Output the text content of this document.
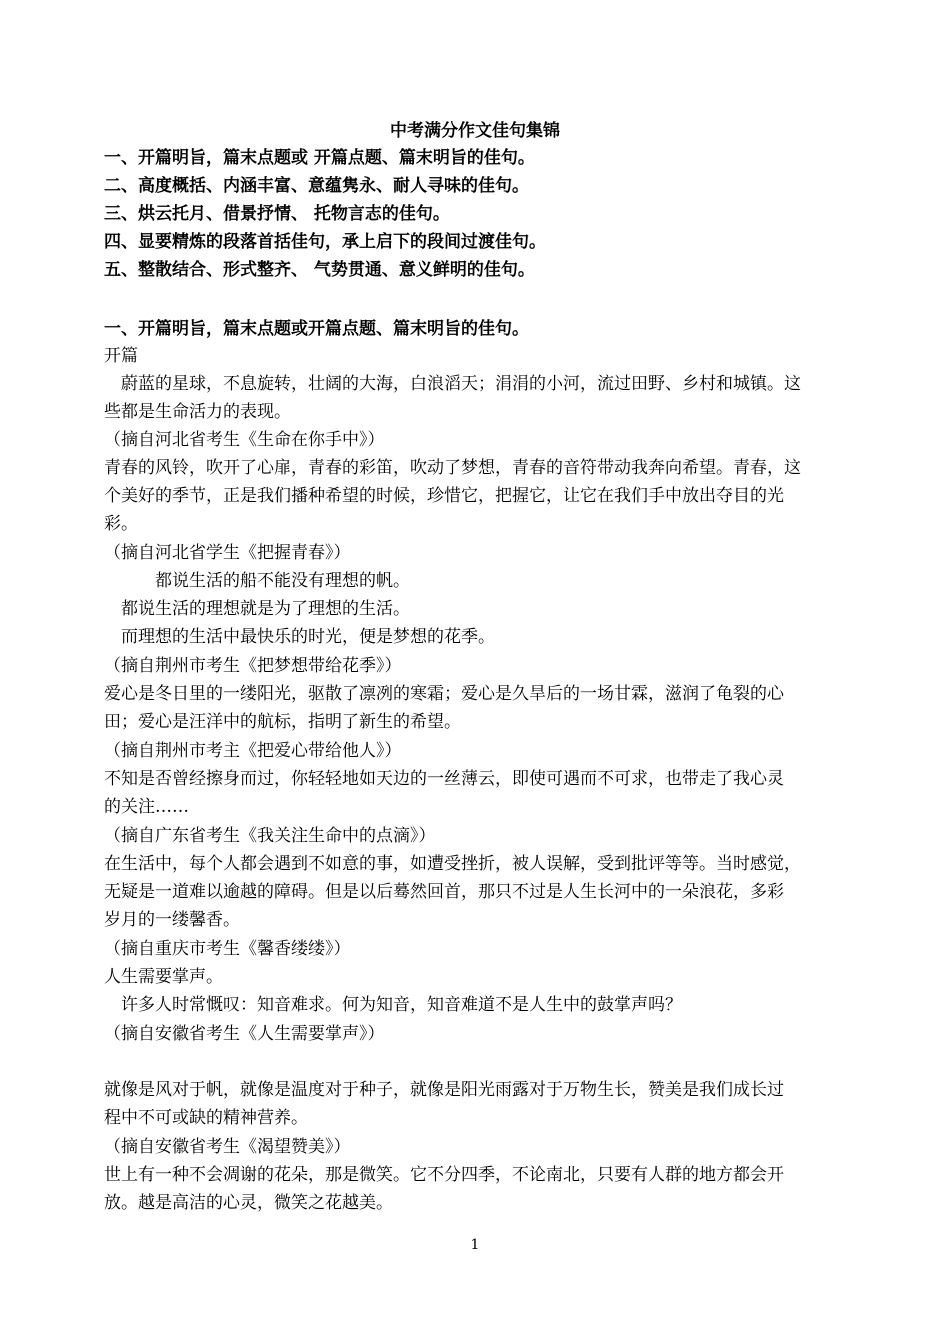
中考满分作文佳句集锦
一、开篇明旨，篇末点题或 开篇点题、篇末明旨的佳句。
二、高度概括、内涵丰富、意蕴隽永、耐人寻味的佳句。
三、烘云托月、借景抒情、 托物言志的佳句。
四、显要精炼的段落首括佳句，承上启下的段间过渡佳句。
五、整散结合、形式整齐、 气势贯通、意义鲜明的佳句。
一、开篇明旨，篇末点题或开篇点题、篇末明旨的佳句。
开篇
　蔚蓝的星球，不息旋转，壮阔的大海，白浪滔天；涓涓的小河，流过田野、乡村和城镇。这
些都是生命活力的表现。
（摘自河北省考生《生命在你手中》）
青春的风铃，吹开了心扉，青春的彩笛，吹动了梦想，青春的音符带动我奔向希望。青春，这
个美好的季节，正是我们播种希望的时候，珍惜它，把握它，让它在我们手中放出夺目的光
彩。
（摘自河北省学生《把握青春》）
　　　都说生活的船不能没有理想的帆。
　都说生活的理想就是为了理想的生活。
　而理想的生活中最快乐的时光，便是梦想的花季。
（摘自荆州市考生《把梦想带给花季》）
爱心是冬日里的一缕阳光，驱散了凛冽的寒霜；爱心是久旱后的一场甘霖，滋润了龟裂的心
田；爱心是汪洋中的航标，指明了新生的希望。
（摘自荆州市考主《把爱心带给他人》）
不知是否曾经擦身而过，你轻轻地如天边的一丝薄云，即使可遇而不可求，也带走了我心灵
的关注……
（摘自广东省考生《我关注生命中的点滴》）
在生活中，每个人都会遇到不如意的事，如遭受挫折，被人误解，受到批评等等。当时感觉，
无疑是一道难以逾越的障碍。但是以后蓦然回首，那只不过是人生长河中的一朵浪花，多彩
岁月的一缕馨香。
（摘自重庆市考生《馨香缕缕》）
人生需要掌声。
　许多人时常慨叹：知音难求。何为知音，知音难道不是人生中的鼓掌声吗？
（摘自安徽省考生《人生需要掌声》）
就像是风对于帆，就像是温度对于种子，就像是阳光雨露对于万物生长，赞美是我们成长过
程中不可或缺的精神营养。
（摘自安徽省考生《渴望赞美》）
世上有一种不会凋谢的花朵，那是微笑。它不分四季，不论南北，只要有人群的地方都会开
放。越是高洁的心灵，微笑之花越美。
1
